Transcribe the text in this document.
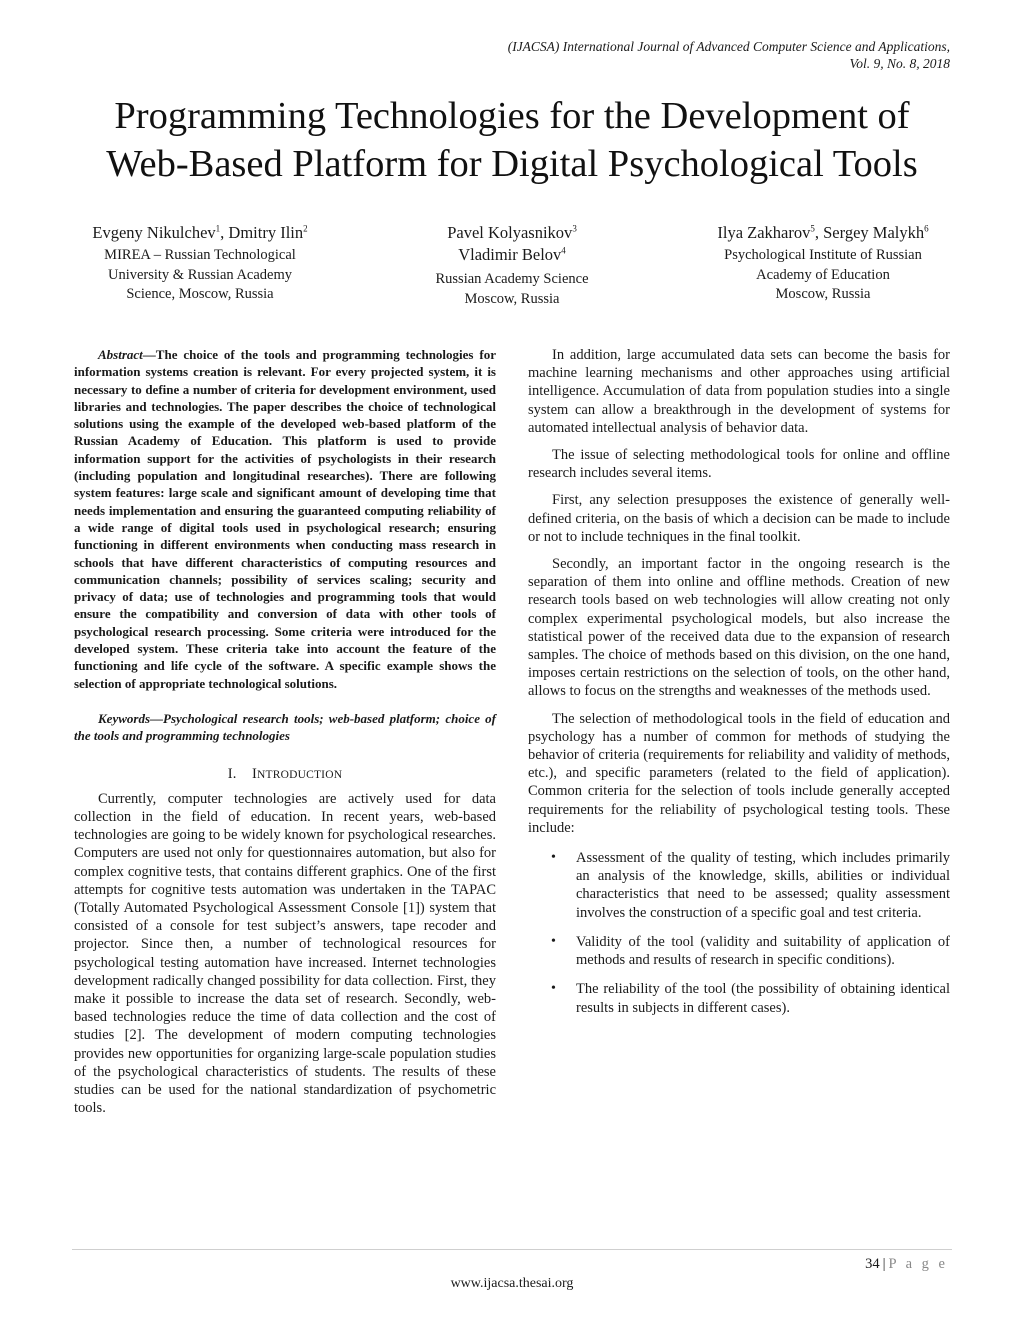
(IJACSA) International Journal of Advanced Computer Science and Applications,
Vol. 9, No. 8, 2018
Programming Technologies for the Development of
Web-Based Platform for Digital Psychological Tools
Evgeny Nikulchev$^1$, Dmitry Ilin$^2$
MIREA – Russian Technological
University & Russian Academy
Science, Moscow, Russia
Pavel Kolyasnikov$^3$
Vladimir Belov$^4$
Russian Academy Science
Moscow, Russia
Ilya Zakharov$^5$, Sergey Malykh$^6$
Psychological Institute of Russian
Academy of Education
Moscow, Russia

Abstract—The choice of the tools and programming technologies for information systems creation is relevant. For every projected system, it is necessary to define a number of criteria for development environment, used libraries and technologies. The paper describes the choice of technological solutions using the example of the developed web-based platform of the Russian Academy of Education. This platform is used to provide information support for the activities of psychologists in their research (including population and longitudinal researches). There are following system features: large scale and significant amount of developing time that needs implementation and ensuring the guaranteed computing reliability of a wide range of digital tools used in psychological research; ensuring functioning in different environments when conducting mass research in schools that have different characteristics of computing resources and communication channels; possibility of services scaling; security and privacy of data; use of technologies and programming tools that would ensure the compatibility and conversion of data with other tools of psychological research processing. Some criteria were introduced for the developed system. These criteria take into account the feature of the functioning and life cycle of the software. A specific example shows the selection of appropriate technological solutions.

Keywords—Psychological research tools; web-based platform; choice of the tools and programming technologies

I. INTRODUCTION

Currently, computer technologies are actively used for data collection in the field of education. In recent years, web-based technologies are going to be widely known for psychological researches. Computers are used not only for questionnaires automation, but also for complex cognitive tests, that contains different graphics. One of the first attempts for cognitive tests automation was undertaken in the TAPAC (Totally Automated Psychological Assessment Console [1]) system that consisted of a console for test subject’s answers, tape recoder and projector. Since then, a number of technological resources for psychological testing automation have increased. Internet technologies development radically changed possibility for data collection. First, they make it possible to increase the data set of research. Secondly, web-based technologies reduce the time of data collection and the cost of studies [2]. The development of modern computing technologies provides new opportunities for organizing large-scale population studies of the psychological characteristics of students. The results of these studies can be used for the national standardization of psychometric tools.

In addition, large accumulated data sets can become the basis for machine learning mechanisms and other approaches using artificial intelligence. Accumulation of data from population studies into a single system can allow a breakthrough in the development of systems for automated intellectual analysis of behavior data.

The issue of selecting methodological tools for online and offline research includes several items.

First, any selection presupposes the existence of generally well-defined criteria, on the basis of which a decision can be made to include or not to include techniques in the final toolkit.

Secondly, an important factor in the ongoing research is the separation of them into online and offline methods. Creation of new research tools based on web technologies will allow creating not only complex experimental psychological models, but also increase the statistical power of the received data due to the expansion of research samples. The choice of methods based on this division, on the one hand, imposes certain restrictions on the selection of tools, on the other hand, allows to focus on the strengths and weaknesses of the methods used.

The selection of methodological tools in the field of education and psychology has a number of common for methods of studying the behavior of criteria (requirements for reliability and validity of methods, etc.), and specific parameters (related to the field of application). Common criteria for the selection of tools include generally accepted requirements for the reliability of psychological testing tools. These include:

• Assessment of the quality of testing, which includes primarily an analysis of the knowledge, skills, abilities or individual characteristics that need to be assessed; quality assessment involves the construction of a specific goal and test criteria.
• Validity of the tool (validity and suitability of application of methods and results of research in specific conditions).
• The reliability of the tool (the possibility of obtaining identical results in subjects in different cases).
34 | P a g e
www.ijacsa.thesai.org
